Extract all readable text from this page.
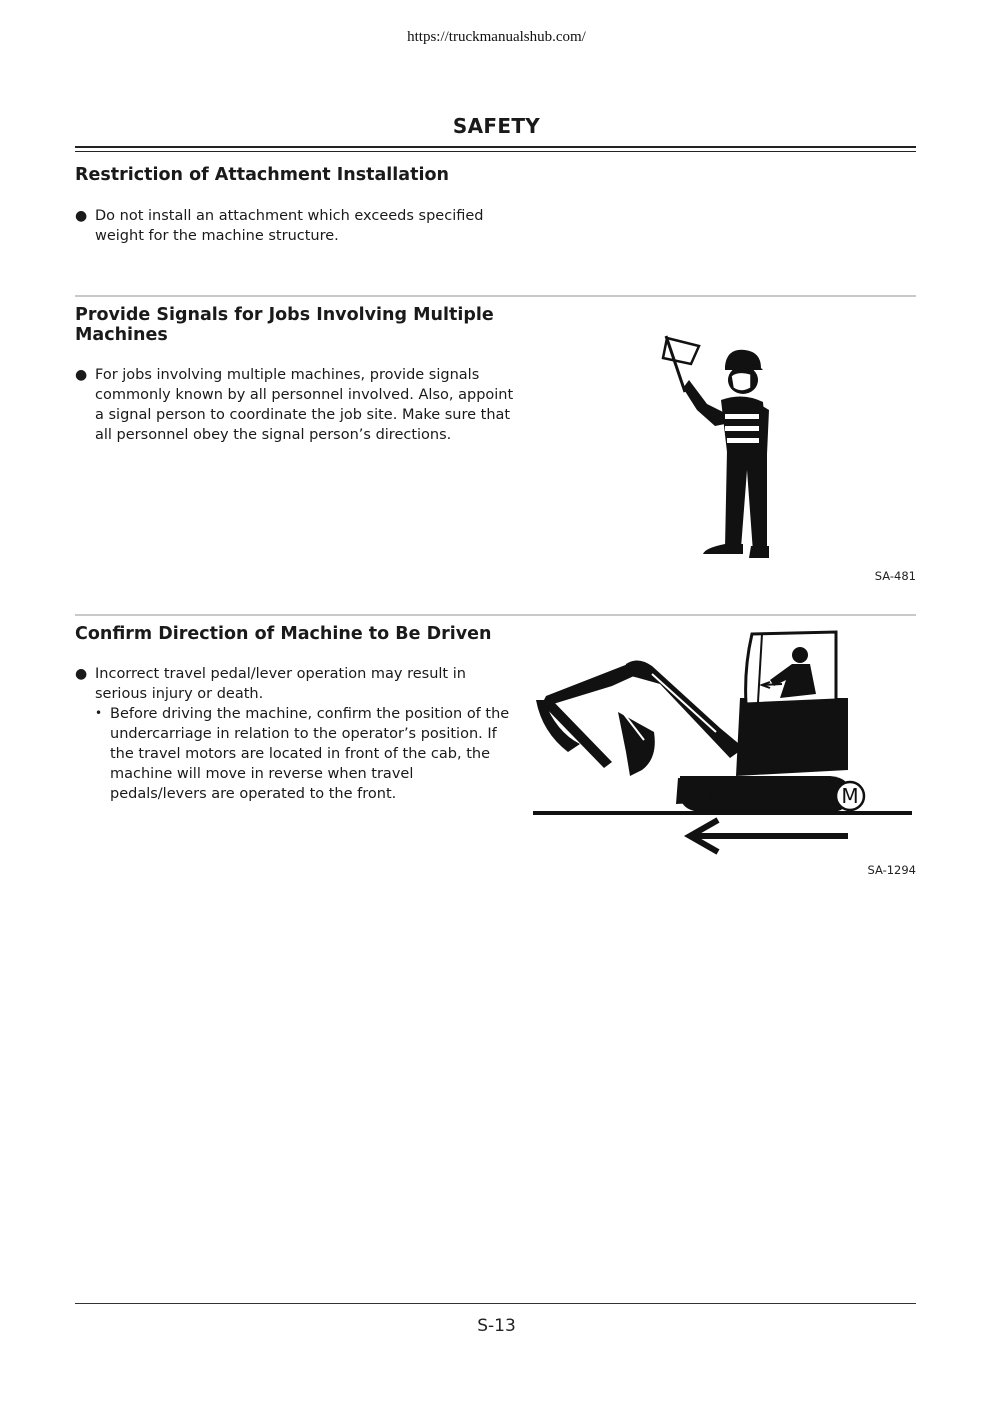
https://truckmanualshub.com/
SAFETY
Restriction of Attachment Installation
● Do not install an attachment which exceeds specified weight for the machine structure.
Provide Signals for Jobs Involving Multiple Machines
● For jobs involving multiple machines, provide signals commonly known by all personnel involved. Also, appoint a signal person to coordinate the job site. Make sure that all personnel obey the signal person’s directions.
SA-481
Confirm Direction of Machine to Be Driven
● Incorrect travel pedal/lever operation may result in serious injury or death.
• Before driving the machine, confirm the position of the undercarriage in relation to the operator’s position. If the travel motors are located in front of the cab, the machine will move in reverse when travel pedals/levers are operated to the front.	M
SA-1294
S-13
